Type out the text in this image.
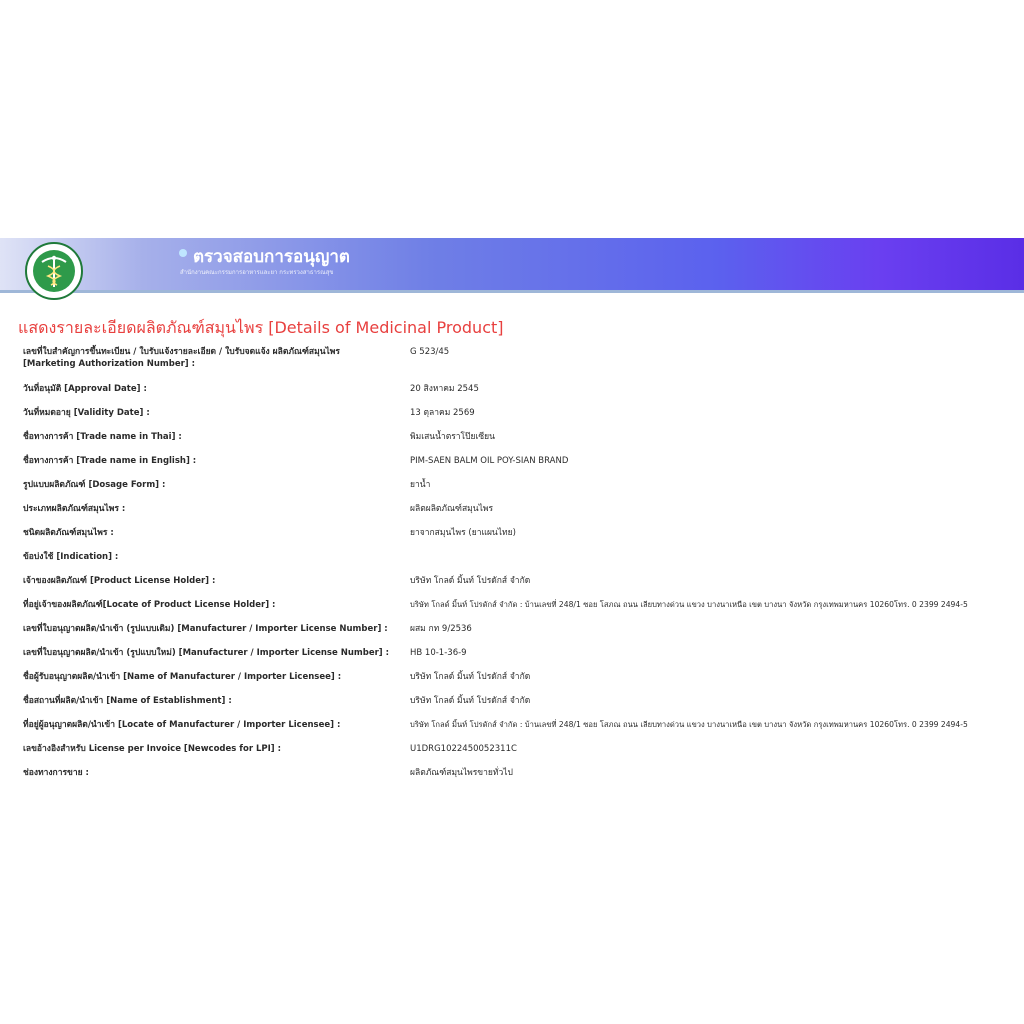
ตรวจสอบการอนุญาต
สำนักงานคณะกรรมการอาหารและยา กระทรวงสาธารณสุข
แสดงรายละเอียดผลิตภัณฑ์สมุนไพร [Details of Medicinal Product]
เลขที่ใบสำคัญการขึ้นทะเบียน / ใบรับแจ้งรายละเอียด / ใบรับจดแจ้ง ผลิตภัณฑ์สมุนไพร [Marketing Authorization Number] :
G 523/45
วันที่อนุมัติ [Approval Date] :	20 สิงหาคม 2545
วันที่หมดอายุ [Validity Date] :	13 ตุลาคม 2569
ชื่อทางการค้า [Trade name in Thai] :	พิมเสนน้ำตราโป๊ยเซียน
ชื่อทางการค้า [Trade name in English] :	PIM-SAEN BALM OIL POY-SIAN BRAND
รูปแบบผลิตภัณฑ์ [Dosage Form] :	ยาน้ำ
ประเภทผลิตภัณฑ์สมุนไพร :	ผลิตผลิตภัณฑ์สมุนไพร
ชนิดผลิตภัณฑ์สมุนไพร :	ยาจากสมุนไพร (ยาแผนไทย)
ข้อบ่งใช้ [Indication] :
เจ้าของผลิตภัณฑ์ [Product License Holder] :	บริษัท โกลด์ มิ้นท์ โปรดักส์ จำกัด
ที่อยู่เจ้าของผลิตภัณฑ์[Locate of Product License Holder] :	บริษัท โกลด์ มิ้นท์ โปรดักส์ จำกัด : บ้านเลขที่ 248/1 ซอย โสภณ ถนน เลียบทางด่วน แขวง บางนาเหนือ เขต บางนา จังหวัด กรุงเทพมหานคร 10260โทร. 0 2399 2494-5
เลขที่ใบอนุญาตผลิต/นำเข้า (รูปแบบเดิม) [Manufacturer / Importer License Number] :	ผสม กท 9/2536
เลขที่ใบอนุญาตผลิต/นำเข้า (รูปแบบใหม่) [Manufacturer / Importer License Number] :	HB 10-1-36-9
ชื่อผู้รับอนุญาตผลิต/นำเข้า [Name of Manufacturer / Importer Licensee] :	บริษัท โกลด์ มิ้นท์ โปรดักส์ จำกัด
ชื่อสถานที่ผลิต/นำเข้า [Name of Establishment] :	บริษัท โกลด์ มิ้นท์ โปรดักส์ จำกัด
ที่อยู่ผู้อนุญาตผลิต/นำเข้า [Locate of Manufacturer / Importer Licensee] :	บริษัท โกลด์ มิ้นท์ โปรดักส์ จำกัด : บ้านเลขที่ 248/1 ซอย โสภณ ถนน เลียบทางด่วน แขวง บางนาเหนือ เขต บางนา จังหวัด กรุงเทพมหานคร 10260โทร. 0 2399 2494-5
เลขอ้างอิงสำหรับ License per Invoice [Newcodes for LPI] :	U1DRG1022450052311C
ช่องทางการขาย :	ผลิตภัณฑ์สมุนไพรขายทั่วไป
